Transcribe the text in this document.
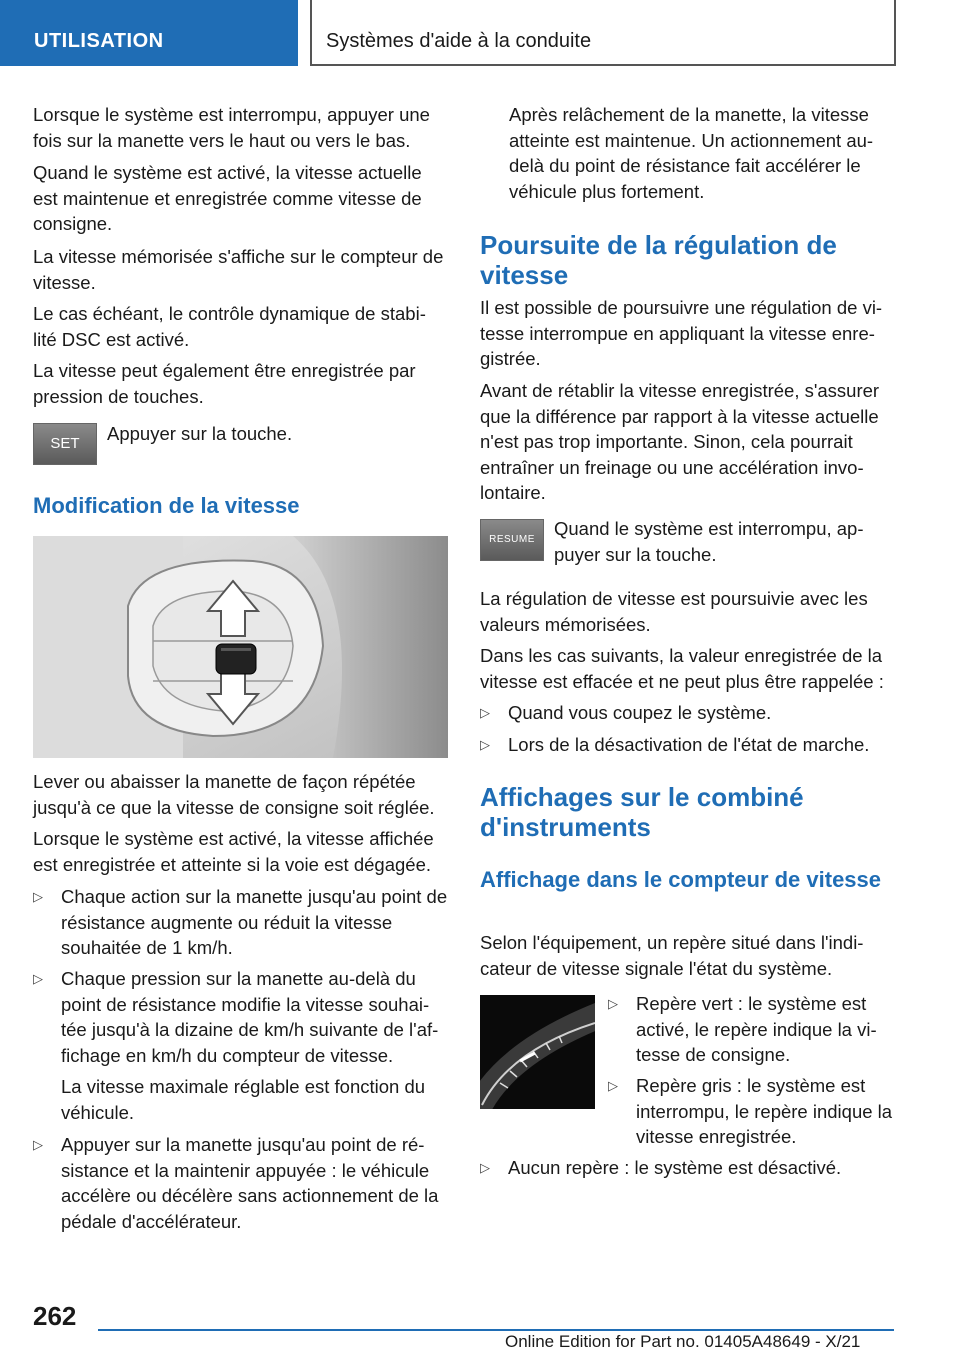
UTILISATION	Systèmes d'aide à la conduite

Lorsque le système est interrompu, appuyer une fois sur la manette vers le haut ou vers le bas.

Quand le système est activé, la vitesse actuelle est maintenue et enregistrée comme vitesse de consigne.

La vitesse mémorisée s'affiche sur le compteur de vitesse.

Le cas échéant, le contrôle dynamique de stabi- lité DSC est activé.

La vitesse peut également être enregistrée par pression de touches.

SET	Appuyer sur la touche.

Modification de la vitesse

Lever ou abaisser la manette de façon répétée jusqu'à ce que la vitesse de consigne soit réglée.

Lorsque le système est activé, la vitesse affichée est enregistrée et atteinte si la voie est dégagée.

▷ Chaque action sur la manette jusqu'au point de résistance augmente ou réduit la vitesse souhaitée de 1 km/h.
▷ Chaque pression sur la manette au-delà du point de résistance modifie la vitesse souhai- tée jusqu'à la dizaine de km/h suivante de l'af- fichage en km/h du compteur de vitesse.

La vitesse maximale réglable est fonction du véhicule.

▷ Appuyer sur la manette jusqu'au point de ré- sistance et la maintenir appuyée : le véhicule accélère ou décélère sans actionnement de la pédale d'accélérateur.

Après relâchement de la manette, la vitesse atteinte est maintenue. Un actionnement au- delà du point de résistance fait accélérer le véhicule plus fortement.

Poursuite de la régulation de vitesse

Il est possible de poursuivre une régulation de vi- tesse interrompue en appliquant la vitesse enre- gistrée.

Avant de rétablir la vitesse enregistrée, s'assurer que la différence par rapport à la vitesse actuelle n'est pas trop importante. Sinon, cela pourrait entraîner un freinage ou une accélération invo- lontaire.

RESUME

Quand le système est interrompu, ap- puyer sur la touche.

La régulation de vitesse est poursuivie avec les valeurs mémorisées.

Dans les cas suivants, la valeur enregistrée de la vitesse est effacée et ne peut plus être rappelée :

▷ Quand vous coupez le système.
▷ Lors de la désactivation de l'état de marche.
Affichages sur le combiné d'instruments
Affichage dans le compteur de vitesse

Selon l'équipement, un repère situé dans l'indi- cateur de vitesse signale l'état du système.

▷ Repère vert : le système est activé, le repère indique la vi- tesse de consigne.
▷ Repère gris : le système est interrompu, le repère indique la vitesse enregistrée.
▷ Aucun repère : le système est désactivé.
262
Online Edition for Part no. 01405A48649 - X/21
